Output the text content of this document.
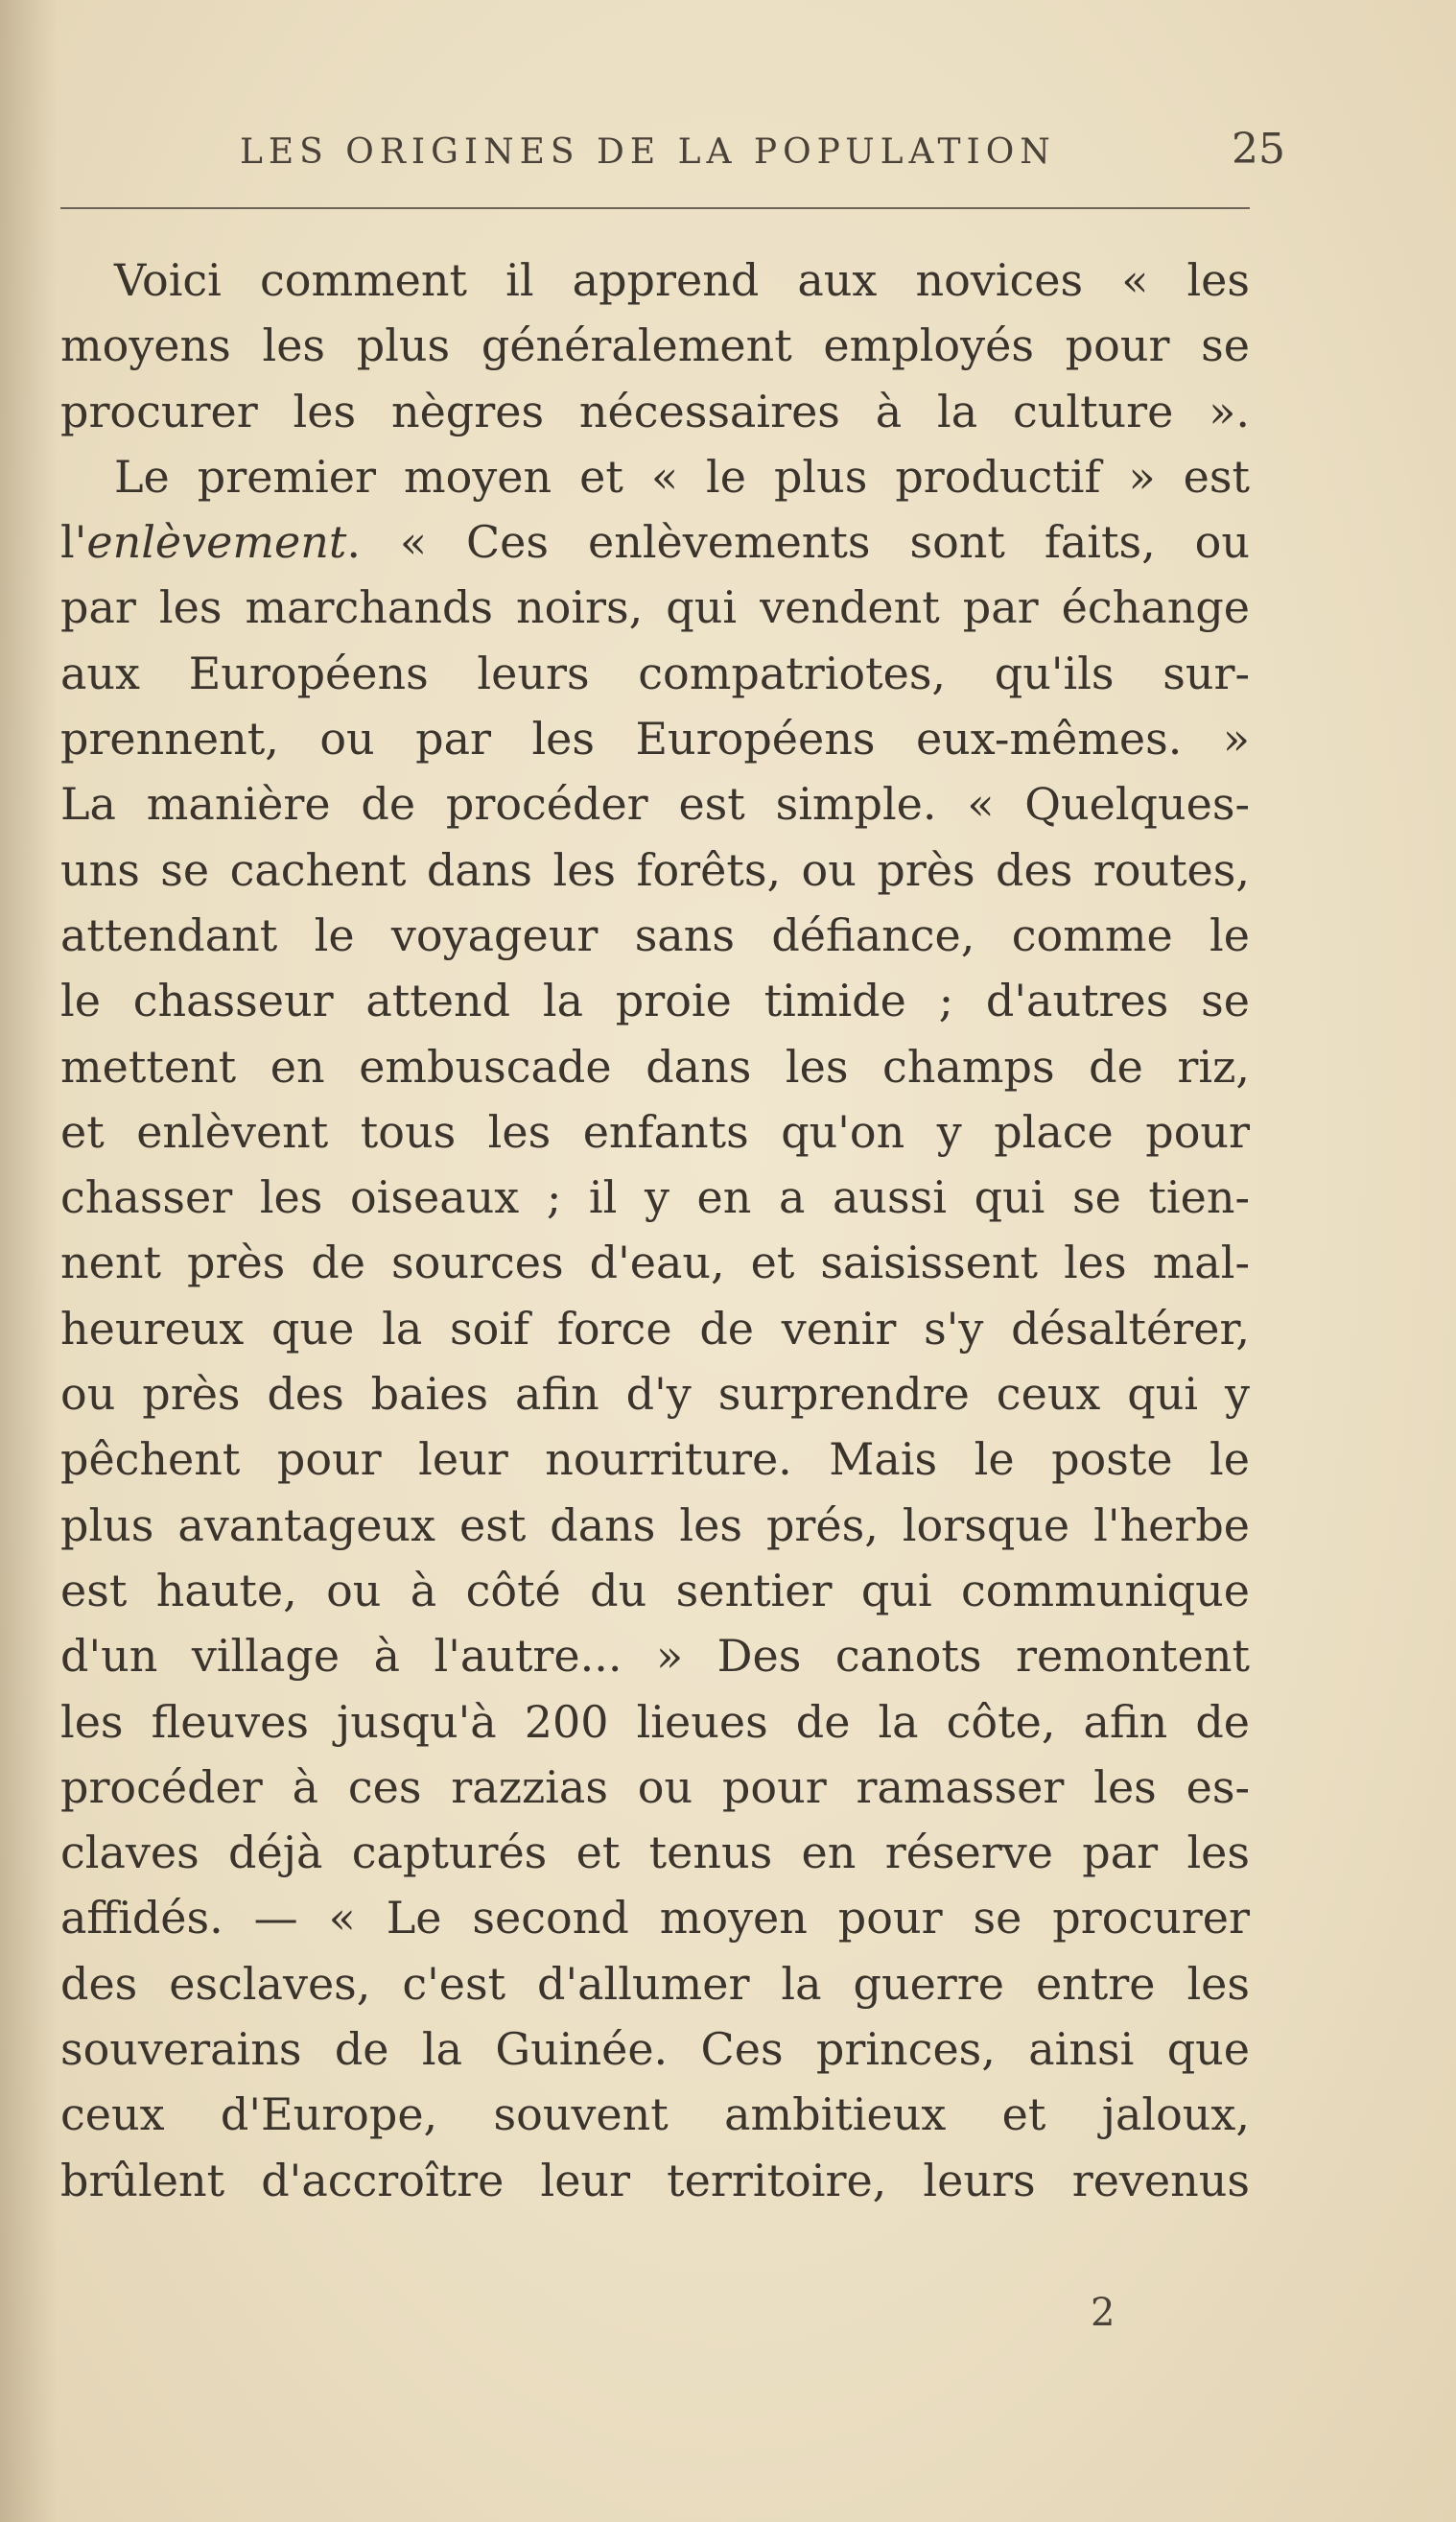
LES ORIGINES DE LA POPULATION	25
Voici comment il apprend aux novices « les
moyens les plus généralement employés pour se
procurer les nègres nécessaires à la culture ».
Le premier moyen et « le plus productif » est
l'enlèvement. « Ces enlèvements sont faits, ou
par les marchands noirs, qui vendent par échange
aux Européens leurs compatriotes, qu'ils sur-
prennent, ou par les Européens eux-mêmes. »
La manière de procéder est simple. « Quelques-
uns se cachent dans les forêts, ou près des routes,
attendant le voyageur sans défiance, comme le
le chasseur attend la proie timide ; d'autres se
mettent en embuscade dans les champs de riz,
et enlèvent tous les enfants qu'on y place pour
chasser les oiseaux ; il y en a aussi qui se tien-
nent près de sources d'eau, et saisissent les mal-
heureux que la soif force de venir s'y désaltérer,
ou près des baies afin d'y surprendre ceux qui y
pêchent pour leur nourriture. Mais le poste le
plus avantageux est dans les prés, lorsque l'herbe
est haute, ou à côté du sentier qui communique
d'un village à l'autre... » Des canots remontent
les fleuves jusqu'à 200 lieues de la côte, afin de
procéder à ces razzias ou pour ramasser les es-
claves déjà capturés et tenus en réserve par les
affidés. — « Le second moyen pour se procurer
des esclaves, c'est d'allumer la guerre entre les
souverains de la Guinée. Ces princes, ainsi que
ceux d'Europe, souvent ambitieux et jaloux,
brûlent d'accroître leur territoire, leurs revenus
2
